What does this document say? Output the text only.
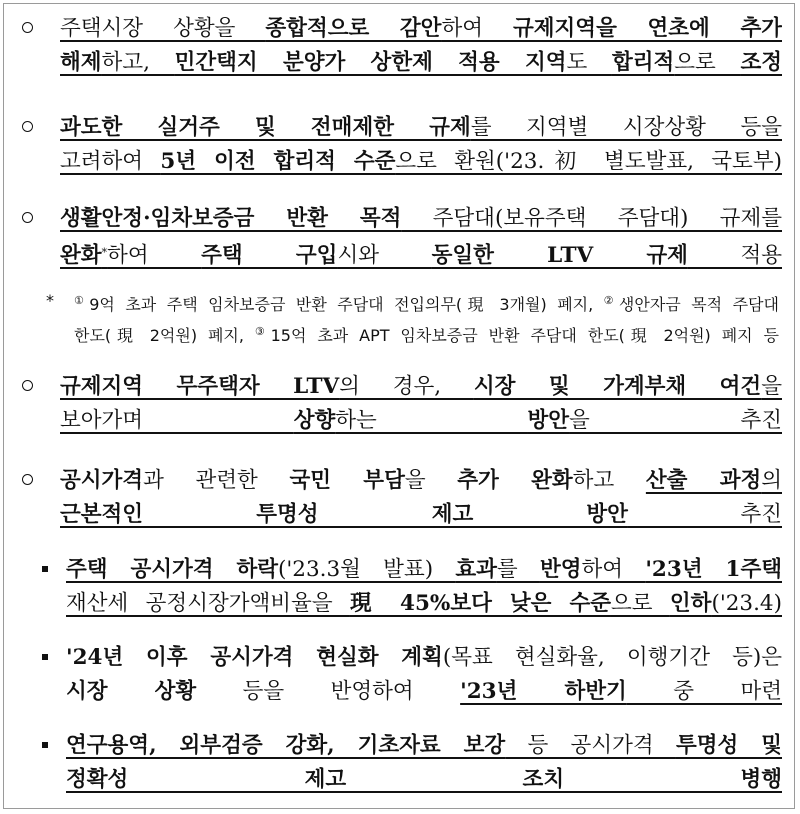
주택시장 상황을 종합적으로 감안하여 규제지역을 연초에 추가
해제하고, 민간택지 분양가 상한제 적용 지역도 합리적으로 조정
과도한 실거주 및 전매제한 규제를 지역별 시장상황 등을
고려하여 5년 이전 합리적 수준으로 환원('23.初 별도발표, 국토부)
생활안정·임차보증금 반환 목적 주담대(보유주택 주담대) 규제를
완화*하여 주택 구입시와 동일한 LTV 규제 적용
* ①9억 초과 주택 임차보증금 반환 주담대 전입의무(現 3개월) 폐지, ②생안자금 목적 주담대
한도(現 2억원) 폐지, ③15억 초과 APT 임차보증금 반환 주담대 한도(現 2억원) 폐지 등
규제지역 무주택자 LTV의 경우, 시장 및 가계부채 여건을
보아가며 상향하는 방안을 추진
공시가격과 관련한 국민 부담을 추가 완화하고 산출 과정의
근본적인 투명성 제고 방안 추진
주택 공시가격 하락('23.3월 발표) 효과를 반영하여 '23년 1주택
재산세 공정시장가액비율을 現 45%보다 낮은 수준으로 인하('23.4)
'24년 이후 공시가격 현실화 계획(목표 현실화율, 이행기간 등)은
시장 상황 등을 반영하여 '23년 하반기 중 마련
연구용역, 외부검증 강화, 기초자료 보강 등 공시가격 투명성 및
정확성 제고 조치 병행
